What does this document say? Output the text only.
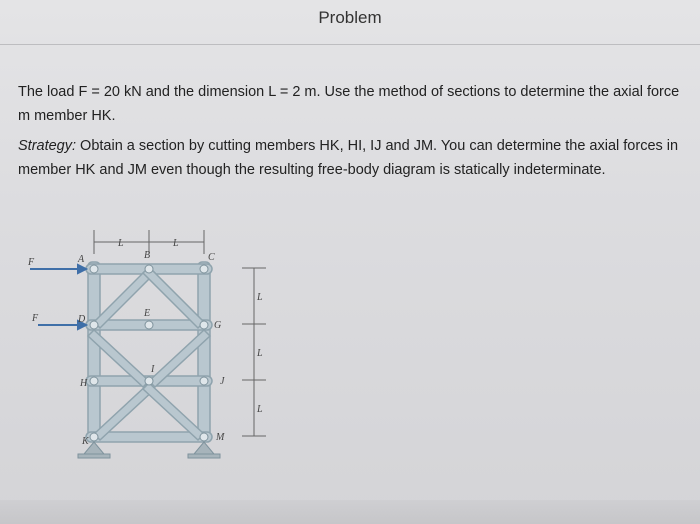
Problem
The load F = 20 kN and the dimension L = 2 m. Use the method of sections to determine the axial force m member HK.
Strategy: Obtain a section by cutting members HK, HI, IJ and JM. You can determine the axial forces in member HK and JM even though the resulting free-body diagram is statically indeterminate.
L	L
L
L
L
F
F
A	B	C
D
E
G
H
I
J
K	M
